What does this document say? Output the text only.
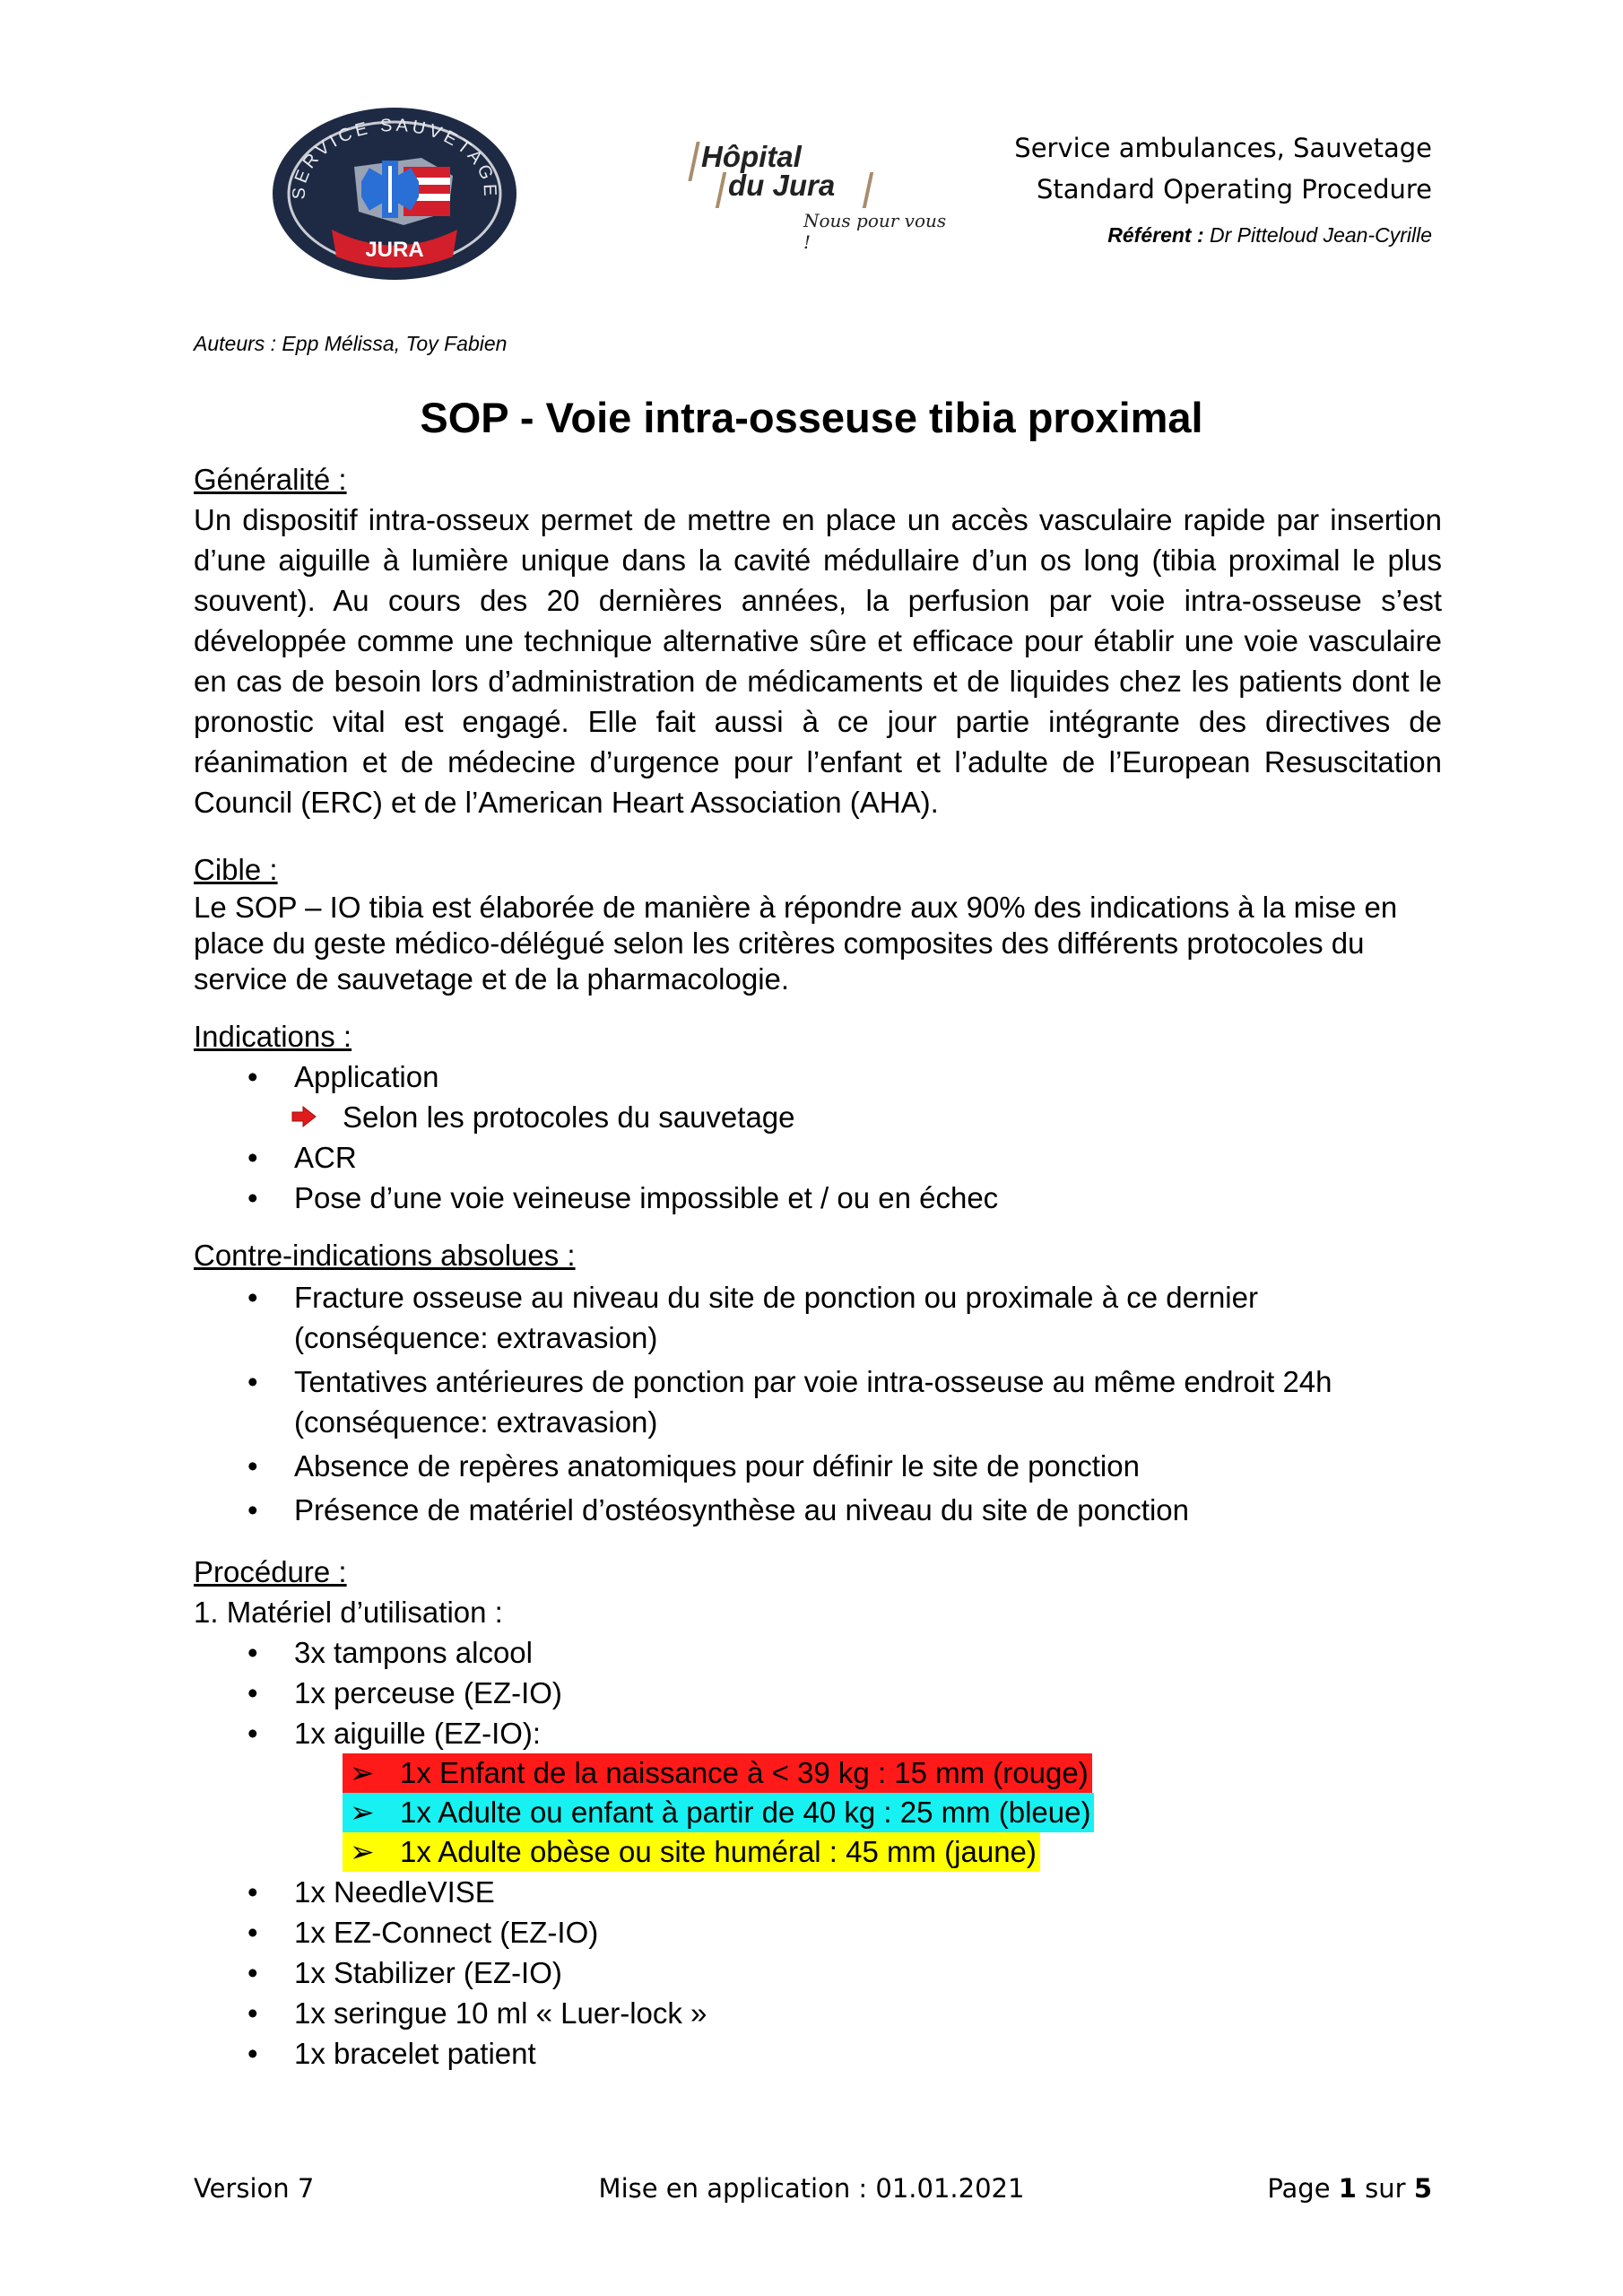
SERVICE SAUVETAGE
JURA
Hôpital
du Jura
Nous pour vous !
Service ambulances, Sauvetage
Standard Operating Procedure
Référent : Dr Pitteloud Jean-Cyrille
Auteurs : Epp Mélissa, Toy Fabien
SOP - Voie intra-osseuse tibia proximal
Généralité :

Un dispositif intra-osseux permet de mettre en place un accès vasculaire rapide par insertion d’une aiguille à lumière unique dans la cavité médullaire d’un os long (tibia proximal le plus souvent). Au cours des 20 dernières années, la perfusion par voie intra-osseuse s’est développée comme une technique alternative sûre et efficace pour établir une voie vasculaire en cas de besoin lors d’administration de médicaments et de liquides chez les patients dont le pronostic vital est engagé. Elle fait aussi à ce jour partie intégrante des directives de réanimation et de médecine d’urgence pour l’enfant et l’adulte de l’European Resuscitation Council (ERC) et de l’American Heart Association (AHA).

Cible :
Le SOP – IO tibia est élaborée de manière à répondre aux 90% des indications à la mise en
place du geste médico-délégué selon les critères composites des différents protocoles du
service de sauvetage et de la pharmacologie.
Indications :
• Application
Selon les protocoles du sauvetage
• ACR
• Pose d’une voie veineuse impossible et / ou en échec
Contre-indications absolues :
• Fracture osseuse au niveau du site de ponction ou proximale à ce dernier
(conséquence: extravasion)
• Tentatives antérieures de ponction par voie intra-osseuse au même endroit 24h
(conséquence: extravasion)
• Absence de repères anatomiques pour définir le site de ponction
• Présence de matériel d’ostéosynthèse au niveau du site de ponction
Procédure :
1. Matériel d’utilisation :
• 3x tampons alcool
• 1x perceuse (EZ-IO)
• 1x aiguille (EZ-IO):
➢ 1x Enfant de la naissance à < 39 kg : 15 mm (rouge)
➢ 1x Adulte ou enfant à partir de 40 kg : 25 mm (bleue)
➢ 1x Adulte obèse ou site huméral : 45 mm (jaune)
• 1x NeedleVISE
• 1x EZ-Connect (EZ-IO)
• 1x Stabilizer (EZ-IO)
• 1x seringue 10 ml « Luer-lock »
• 1x bracelet patient
Version 7	Mise en application : 01.01.2021	Page 1 sur 5
